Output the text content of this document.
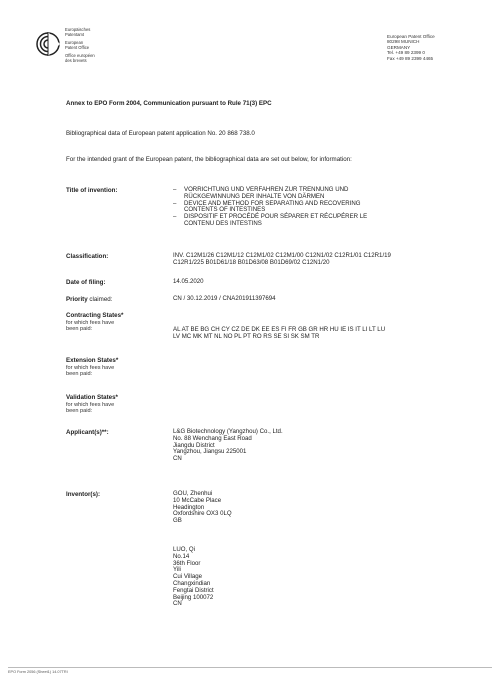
Europäisches
Patentamt
European
Patent Office
Office européen
des brevets
European Patent Office
80298 MUNICH
GERMANY
Tel. +49 89 2399 0
Fax +49 89 2399 4465
Annex to EPO Form 2004, Communication pursuant to Rule 71(3) EPC
Bibliographical data of European patent application No. 20 868 738.0
For the intended grant of the European patent, the bibliographical data are set out below, for information:
Title of invention:
–	VORRICHTUNG UND VERFAHREN ZUR TRENNUNG UND
RÜCKGEWINNUNG DER INHALTE VON DÄRMEN
– DEVICE AND METHOD FOR SEPARATING AND RECOVERING
CONTENTS OF INTESTINES
– DISPOSITIF ET PROCÉDÉ POUR SÉPARER ET RÉCUPÉRER LE
CONTENU DES INTESTINS
Classification:	INV. C12M1/26 C12M1/12 C12M1/02 C12M1/00 C12N1/02 C12R1/01 C12R1/19
C12R1/225 B01D61/18 B01D63/08 B01D69/02 C12N1/20
Date of filing:	14.05.2020
Priority claimed:	CN / 30.12.2019 / CNA201911397694
Contracting States*
for which fees have
been paid:	AL AT BE BG CH CY CZ DE DK EE ES FI FR GB GR HR HU IE IS IT LI LT LU
LV MC MK MT NL NO PL PT RO RS SE SI SK SM TR
Extension States*
for which fees have
been paid:
Validation States*
for which fees have
been paid:
Applicant(s)**:	L&G Biotechnology (Yangzhou) Co., Ltd.
No. 88 Wenchang East Road
Jiangdu District
Yangzhou, Jiangsu 225001
CN
Inventor(s):	GOU, Zhenhui
10 McCabe Place
Headington
Oxfordshire OX3 0LQ
GB
LUO, Qi
No.14
36th Floor
Yili
Cui Village
Changxindian
Fengtai District
Beijing 100072
CN
EPO Form 2056 (Sheet1) 14.07TRI
